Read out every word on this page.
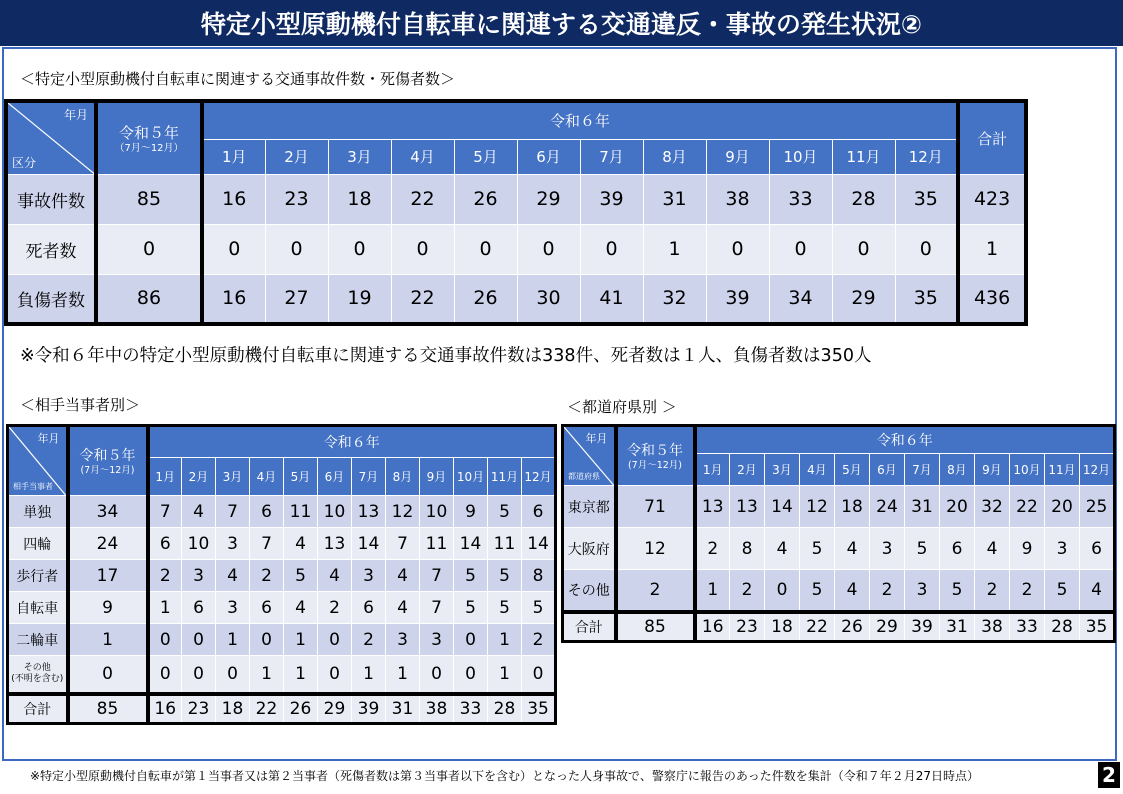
特定小型原動機付自転車に関連する交通違反・事故の発生状況②
＜特定小型原動機付自転車に関連する交通事故件数・死傷者数＞
年月
区分	令和５年
（7月～12月）	令和６年												合計
		1月	2月	3月	4月	5月	6月	7月	8月	9月	10月	11月	12月	
事故件数	85	16	23	18	22	26	29	39	31	38	33	28	35	423
死者数	0	0	0	0	0	0	0	0	1	0	0	0	0	1
負傷者数	86	16	27	19	22	26	30	41	32	39	34	29	35	436
※令和６年中の特定小型原動機付自転車に関連する交通事故件数は338件、死者数は１人、負傷者数は350人
＜相手当事者別＞
年月
相手当事者	令和５年
(7月～12月)	令和６年											
		1月	2月	3月	4月	5月	6月	7月	8月	9月	10月	11月	12月
単独	34	7	4	7	6	11	10	13	12	10	9	5	6
四輪	24	6	10	3	7	4	13	14	7	11	14	11	14
歩行者	17	2	3	4	2	5	4	3	4	7	5	5	8
自転車	9	1	6	3	6	4	2	6	4	7	5	5	5
二輪車	1	0	0	1	0	1	0	2	3	3	0	1	2
その他
(不明を含む)	0	0	0	0	1	1	0	1	1	0	0	1	0
合計	85	16	23	18	22	26	29	39	31	38	33	28	35
＜都道府県別 ＞
年月
都道府県	令和５年
(7月～12月)	令和６年											
		1月	2月	3月	4月	5月	6月	7月	8月	9月	10月	11月	12月
東京都	71	13	13	14	12	18	24	31	20	32	22	20	25
大阪府	12	2	8	4	5	4	3	5	6	4	9	3	6
その他	2	1	2	0	5	4	2	3	5	2	2	5	4
合計	85	16	23	18	22	26	29	39	31	38	33	28	35
※特定小型原動機付自転車が第１当事者又は第２当事者（死傷者数は第３当事者以下を含む）となった人身事故で、警察庁に報告のあった件数を集計（令和７年２月27日時点）	2
